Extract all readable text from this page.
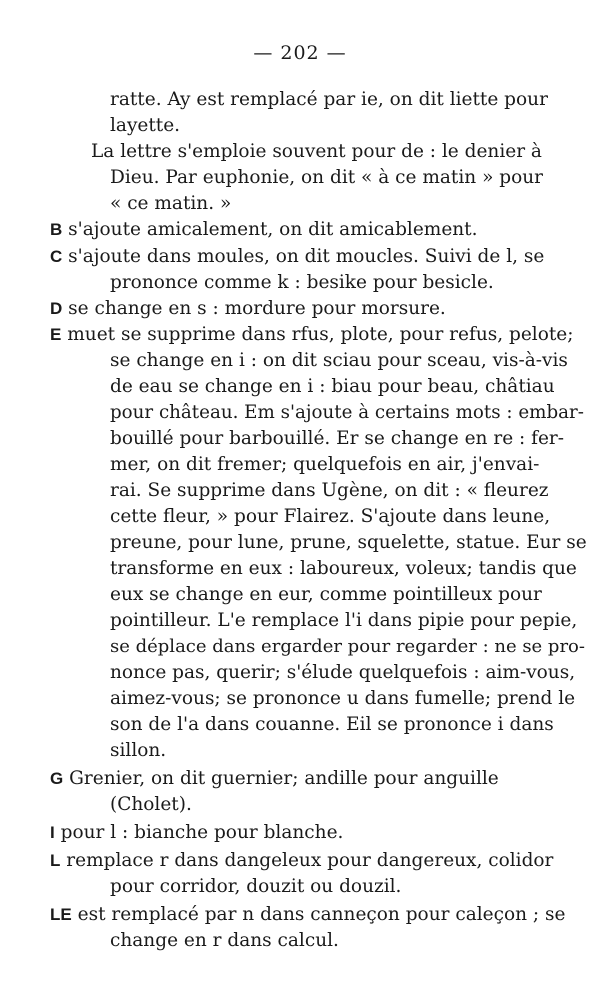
— 202 —
ratte. Ay est remplacé par ie, on dit liette pour
layette.
La lettre s'emploie souvent pour de : le denier à
Dieu. Par euphonie, on dit « à ce matin » pour
« ce matin. »
B s'ajoute amicalement, on dit amicablement.
C s'ajoute dans moules, on dit moucles. Suivi de l, se
prononce comme k : besike pour besicle.
D se change en s : mordure pour morsure.
E muet se supprime dans rfus, plote, pour refus, pelote;
se change en i : on dit sciau pour sceau, vis-à-vis
de eau se change en i : biau pour beau, châtiau
pour château. Em s'ajoute à certains mots : embar-
bouillé pour barbouillé. Er se change en re : fer-
mer, on dit fremer; quelquefois en air, j'envai-
rai. Se supprime dans Ugène, on dit : « fleurez
cette fleur, » pour Flairez. S'ajoute dans leune,
preune, pour lune, prune, squelette, statue. Eur se
transforme en eux : laboureux, voleux; tandis que
eux se change en eur, comme pointilleux pour
pointilleur. L'e remplace l'i dans pipie pour pepie,
se déplace dans ergarder pour regarder : ne se pro-
nonce pas, querir; s'élude quelquefois : aim-vous,
aimez-vous; se prononce u dans fumelle; prend le
son de l'a dans couanne. Eil se prononce i dans
sillon.
G Grenier, on dit guernier; andille pour anguille
(Cholet).
I pour l : bianche pour blanche.
L remplace r dans dangeleux pour dangereux, colidor
pour corridor, douzit ou douzil.
LE est remplacé par n dans canneçon pour caleçon ; se
change en r dans calcul.
